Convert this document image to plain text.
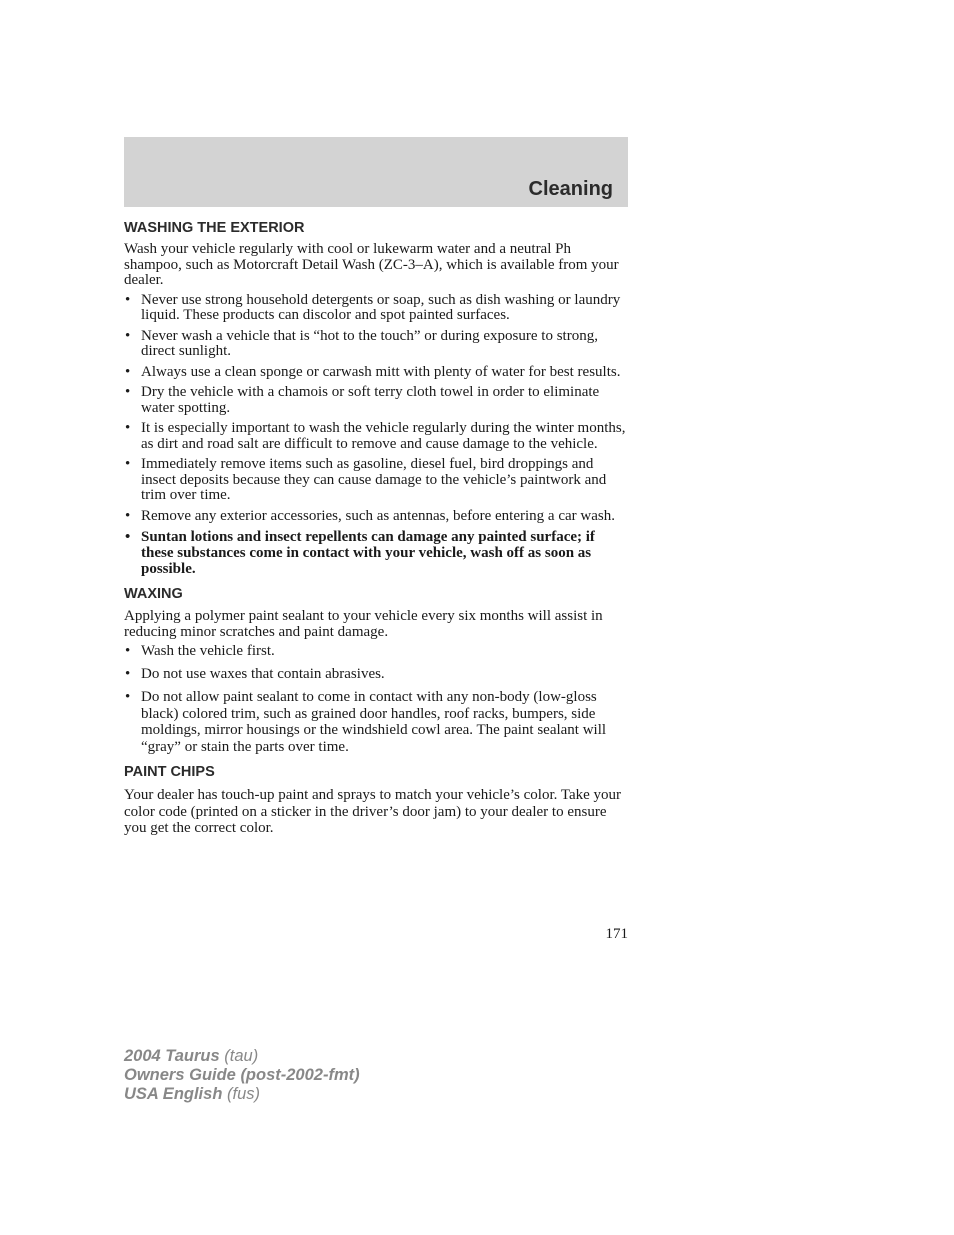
Cleaning
WASHING THE EXTERIOR

Wash your vehicle regularly with cool or lukewarm water and a neutral Ph shampoo, such as Motorcraft Detail Wash (ZC-3–A), which is available from your dealer.

• Never use strong household detergents or soap, such as dish washing or laundry liquid. These products can discolor and spot painted surfaces.
• Never wash a vehicle that is “hot to the touch” or during exposure to strong, direct sunlight.
• Always use a clean sponge or carwash mitt with plenty of water for best results.
• Dry the vehicle with a chamois or soft terry cloth towel in order to eliminate water spotting.
• It is especially important to wash the vehicle regularly during the winter months, as dirt and road salt are difficult to remove and cause damage to the vehicle.
• Immediately remove items such as gasoline, diesel fuel, bird droppings and insect deposits because they can cause damage to the vehicle’s paintwork and trim over time.
• Remove any exterior accessories, such as antennas, before entering a car wash.
• Suntan lotions and insect repellents can damage any painted surface; if these substances come in contact with your vehicle, wash off as soon as possible.
WAXING

Applying a polymer paint sealant to your vehicle every six months will assist in reducing minor scratches and paint damage.

• Wash the vehicle first.
• Do not use waxes that contain abrasives.
• Do not allow paint sealant to come in contact with any non-body (low-gloss black) colored trim, such as grained door handles, roof racks, bumpers, side moldings, mirror housings or the windshield cowl area. The paint sealant will “gray” or stain the parts over time.
PAINT CHIPS

Your dealer has touch-up paint and sprays to match your vehicle’s color. Take your color code (printed on a sticker in the driver’s door jam) to your dealer to ensure you get the correct color.

171
2004 Taurus (tau)
Owners Guide (post-2002-fmt)
USA English (fus)
